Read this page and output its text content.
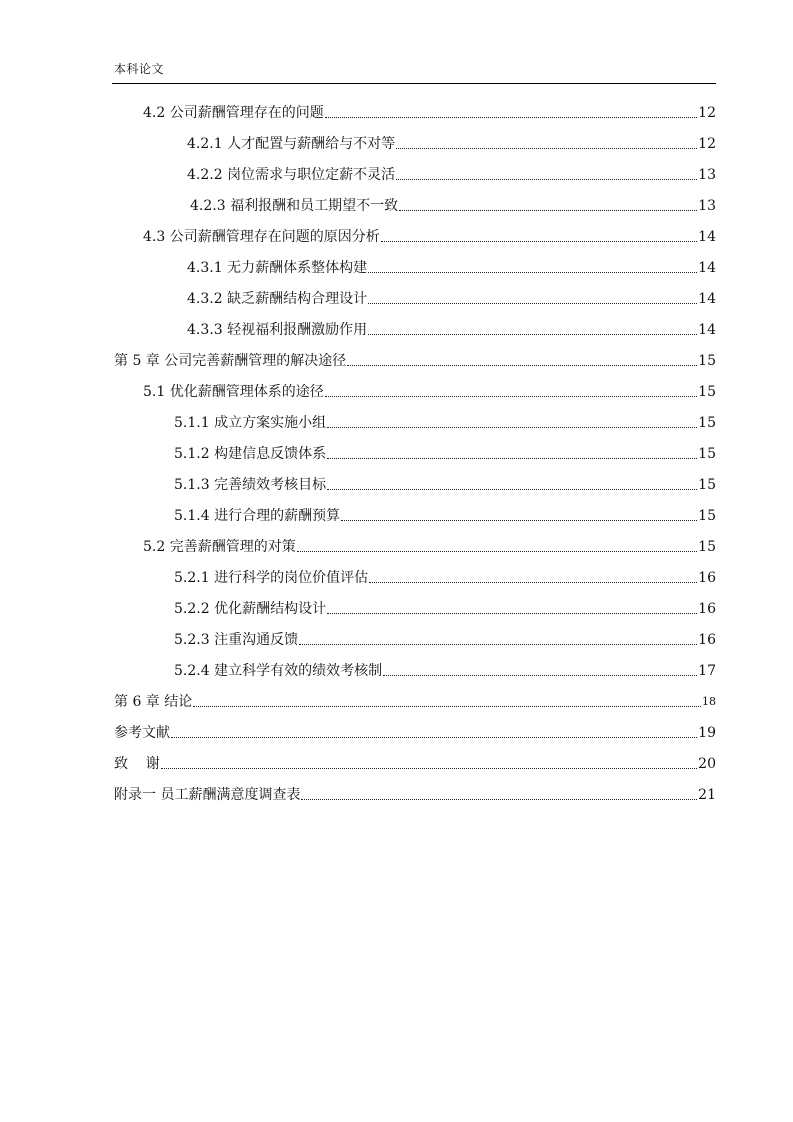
本科论文
4.2 公司薪酬管理存在的问题	12
4.2.1 人才配置与薪酬给与不对等	12
4.2.2 岗位需求与职位定薪不灵活	13
4.2.3 福利报酬和员工期望不一致	13
4.3 公司薪酬管理存在问题的原因分析	14
4.3.1 无力薪酬体系整体构建	14
4.3.2 缺乏薪酬结构合理设计	14
4.3.3 轻视福利报酬激励作用	14
第 5 章 公司完善薪酬管理的解决途径	15
5.1 优化薪酬管理体系的途径	15
5.1.1 成立方案实施小组	15
5.1.2 构建信息反馈体系	15
5.1.3 完善绩效考核目标	15
5.1.4 进行合理的薪酬预算	15
5.2 完善薪酬管理的对策	15
5.2.1 进行科学的岗位价值评估	16
5.2.2 优化薪酬结构设计	16
5.2.3 注重沟通反馈	16
5.2.4 建立科学有效的绩效考核制	17
第 6 章 结论	18
参考文献	19
致    谢	20
附录一 员工薪酬满意度调查表	21
